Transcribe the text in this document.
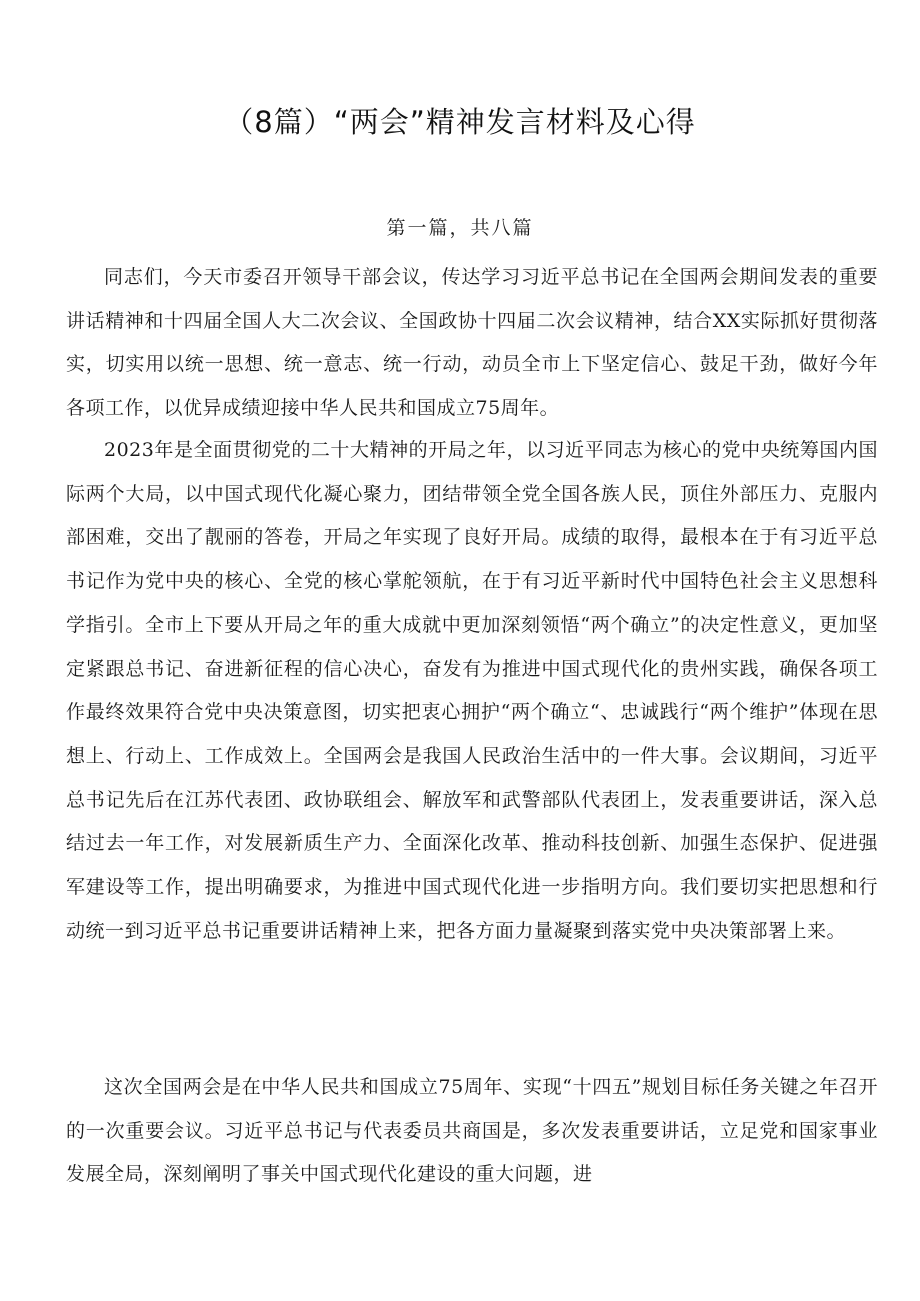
（8篇）“两会”精神发言材料及心得

第一篇，共八篇

同志们，今天市委召开领导干部会议，传达学习习近平总书记在全国两会期间发表的重要讲话精神和十四届全国人大二次会议、全国政协十四届二次会议精神，结合XX实际抓好贯彻落实，切实用以统一思想、统一意志、统一行动，动员全市上下坚定信心、鼓足干劲，做好今年各项工作，以优异成绩迎接中华人民共和国成立75周年。

2023年是全面贯彻党的二十大精神的开局之年，以习近平同志为核心的党中央统筹国内国际两个大局，以中国式现代化凝心聚力，团结带领全党全国各族人民，顶住外部压力、克服内部困难，交出了靓丽的答卷，开局之年实现了良好开局。成绩的取得，最根本在于有习近平总书记作为党中央的核心、全党的核心掌舵领航，在于有习近平新时代中国特色社会主义思想科学指引。全市上下要从开局之年的重大成就中更加深刻领悟“两个确立”的决定性意义，更加坚定紧跟总书记、奋进新征程的信心决心，奋发有为推进中国式现代化的贵州实践，确保各项工作最终效果符合党中央决策意图，切实把衷心拥护“两个确立“、忠诚践行“两个维护”体现在思想上、行动上、工作成效上。全国两会是我国人民政治生活中的一件大事。会议期间，习近平总书记先后在江苏代表团、政协联组会、解放军和武警部队代表团上，发表重要讲话，深入总结过去一年工作，对发展新质生产力、全面深化改革、推动科技创新、加强生态保护、促进强军建设等工作，提出明确要求，为推进中国式现代化进一步指明方向。我们要切实把思想和行动统一到习近平总书记重要讲话精神上来，把各方面力量凝聚到落实党中央决策部署上来。

这次全国两会是在中华人民共和国成立75周年、实现“十四五”规划目标任务关键之年召开的一次重要会议。习近平总书记与代表委员共商国是，多次发表重要讲话，立足党和国家事业发展全局，深刻阐明了事关中国式现代化建设的重大问题，进
